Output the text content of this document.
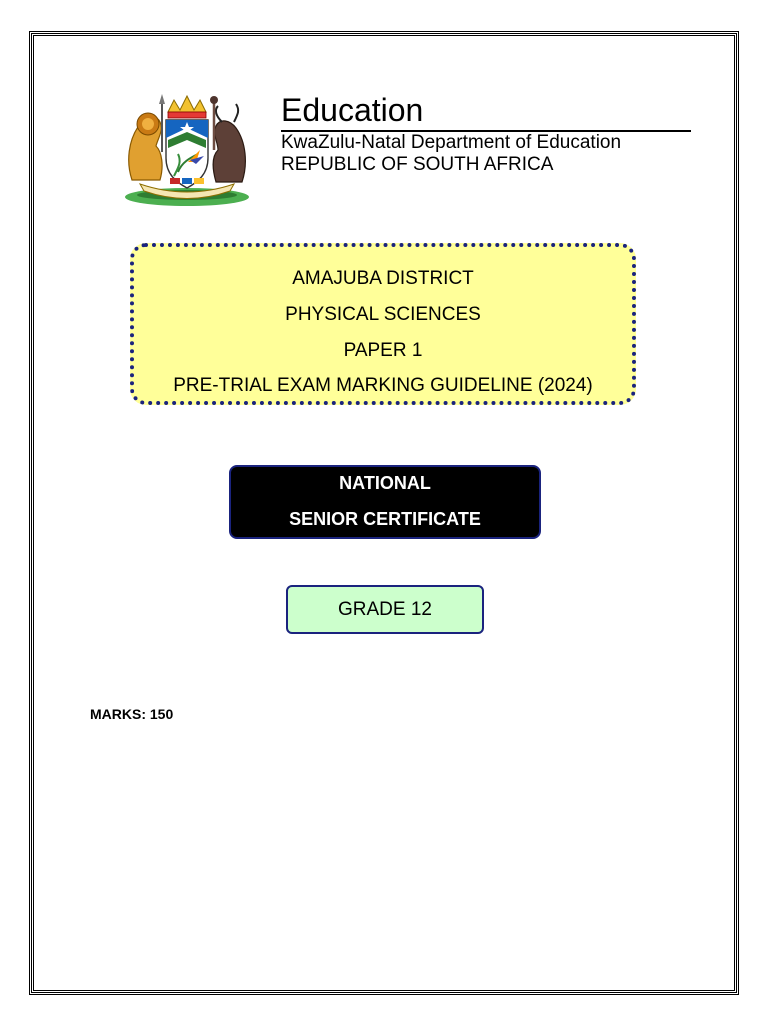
Education

KwaZulu-Natal Department of Education

REPUBLIC OF SOUTH AFRICA

AMAJUBA DISTRICT
PHYSICAL SCIENCES
PAPER 1
PRE-TRIAL EXAM MARKING GUIDELINE (2024)
NATIONAL
SENIOR CERTIFICATE
GRADE 12
MARKS: 150
